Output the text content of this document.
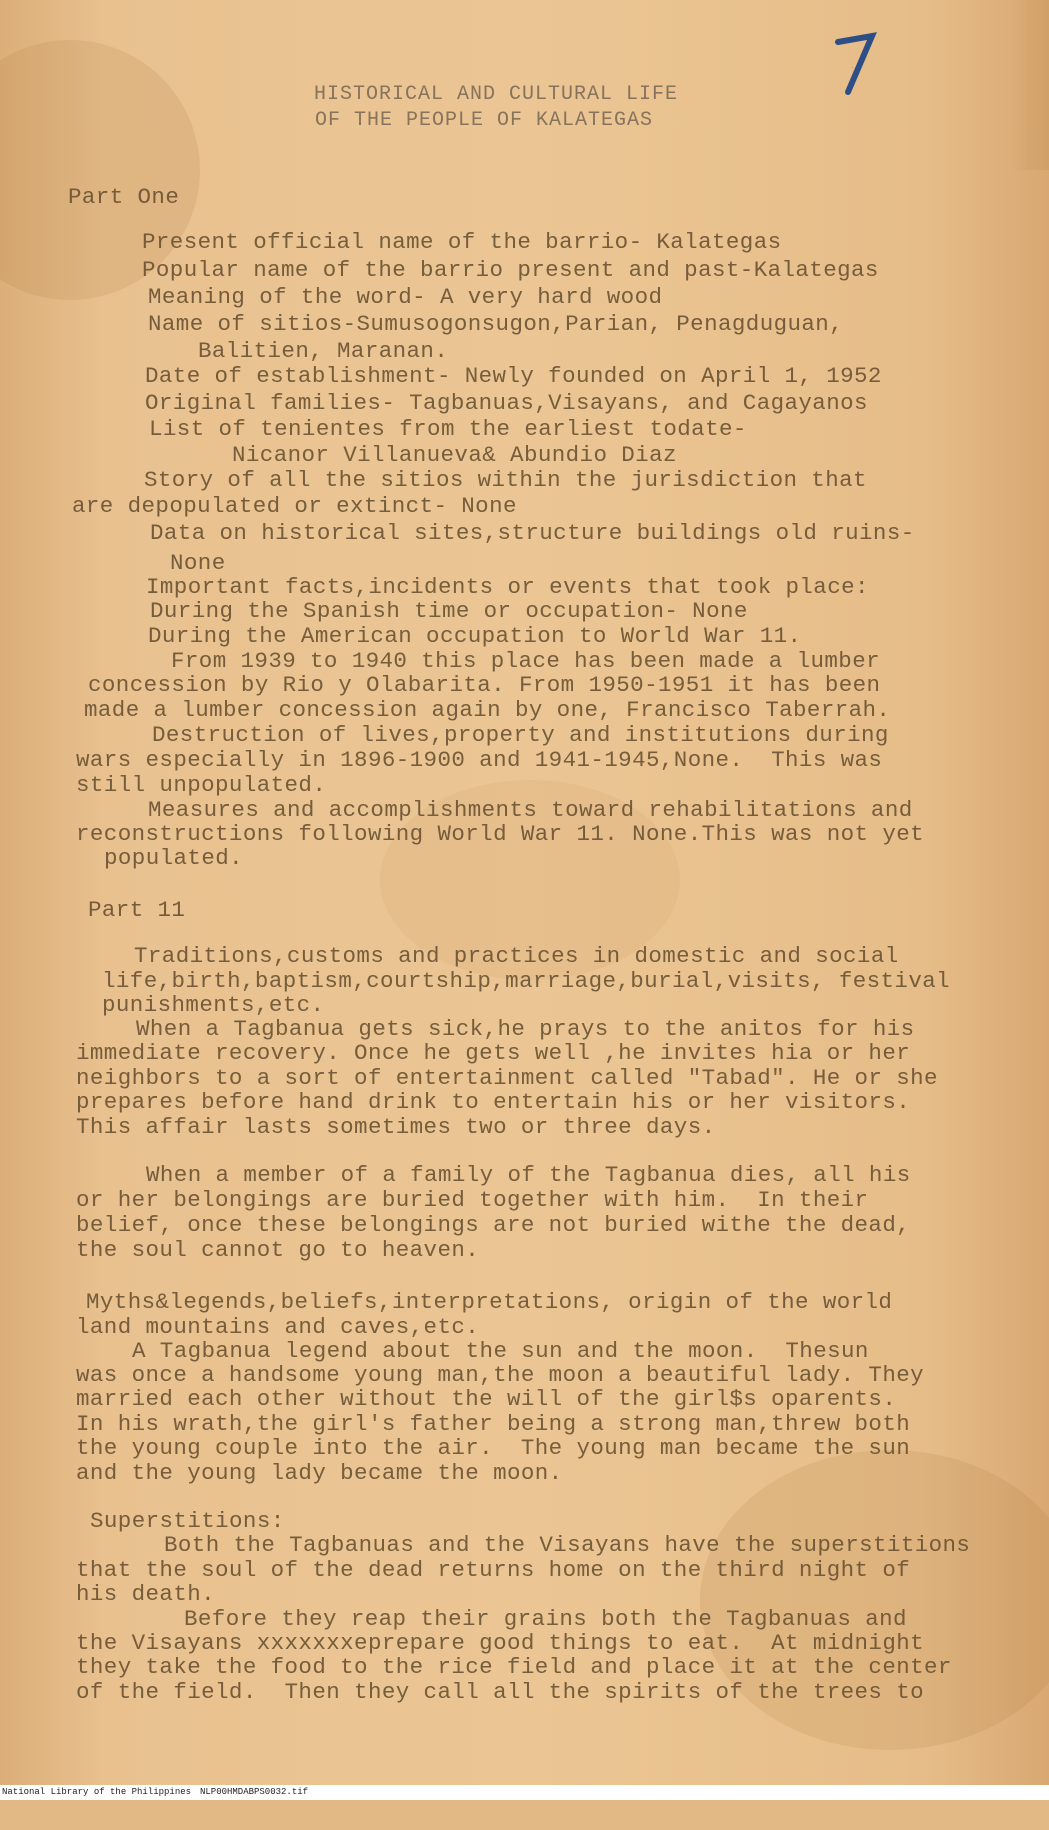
HISTORICAL AND CULTURAL LIFE
OF THE PEOPLE OF KALATEGAS
7
Part One
Present official name of the barrio- Kalategas
Popular name of the barrio present and past-Kalategas
Meaning of the word- A very hard wood
Name of sitios-Sumusogonsugon,Parian, Penagduguan,
Balitien, Maranan.
Date of establishment- Newly founded on April 1, 1952
Original families- Tagbanuas,Visayans, and Cagayanos
List of tenientes from the earliest todate-
Nicanor Villanueva& Abundio Diaz
Story of all the sitios within the jurisdiction that
are depopulated or extinct- None
Data on historical sites,structure buildings old ruins-
None
Important facts,incidents or events that took place:
During the Spanish time or occupation- None
During the American occupation to World War 11.
From 1939 to 1940 this place has been made a lumber
concession by Rio y Olabarita. From 1950-1951 it has been
made a lumber concession again by one, Francisco Taberrah.
Destruction of lives,property and institutions during
wars especially in 1896-1900 and 1941-1945,None.  This was
still unpopulated.
Measures and accomplishments toward rehabilitations and
reconstructions following World War 11. None.This was not yet
populated.
Part 11
Traditions,customs and practices in domestic and social
life,birth,baptism,courtship,marriage,burial,visits, festival
punishments,etc.
When a Tagbanua gets sick,he prays to the anitos for his
immediate recovery. Once he gets well ,he invites hia or her
neighbors to a sort of entertainment called "Tabad". He or she
prepares before hand drink to entertain his or her visitors.
This affair lasts sometimes two or three days.
When a member of a family of the Tagbanua dies, all his
or her belongings are buried together with him.  In their
belief, once these belongings are not buried withe the dead,
the soul cannot go to heaven.
Myths&legends,beliefs,interpretations, origin of the world
land mountains and caves,etc.
A Tagbanua legend about the sun and the moon.  Thesun
was once a handsome young man,the moon a beautiful lady. They
married each other without the will of the girl$s oparents.
In his wrath,the girl's father being a strong man,threw both
the young couple into the air.  The young man became the sun
and the young lady became the moon.
Superstitions:
Both the Tagbanuas and the Visayans have the superstitions
that the soul of the dead returns home on the third night of
his death.
Before they reap their grains both the Tagbanuas and
the Visayans xxxxxxxeprepare good things to eat.  At midnight
they take the food to the rice field and place it at the center
of the field.  Then they call all the spirits of the trees to

National Library of the Philippines

NLP00HMDABPS0032.tif
